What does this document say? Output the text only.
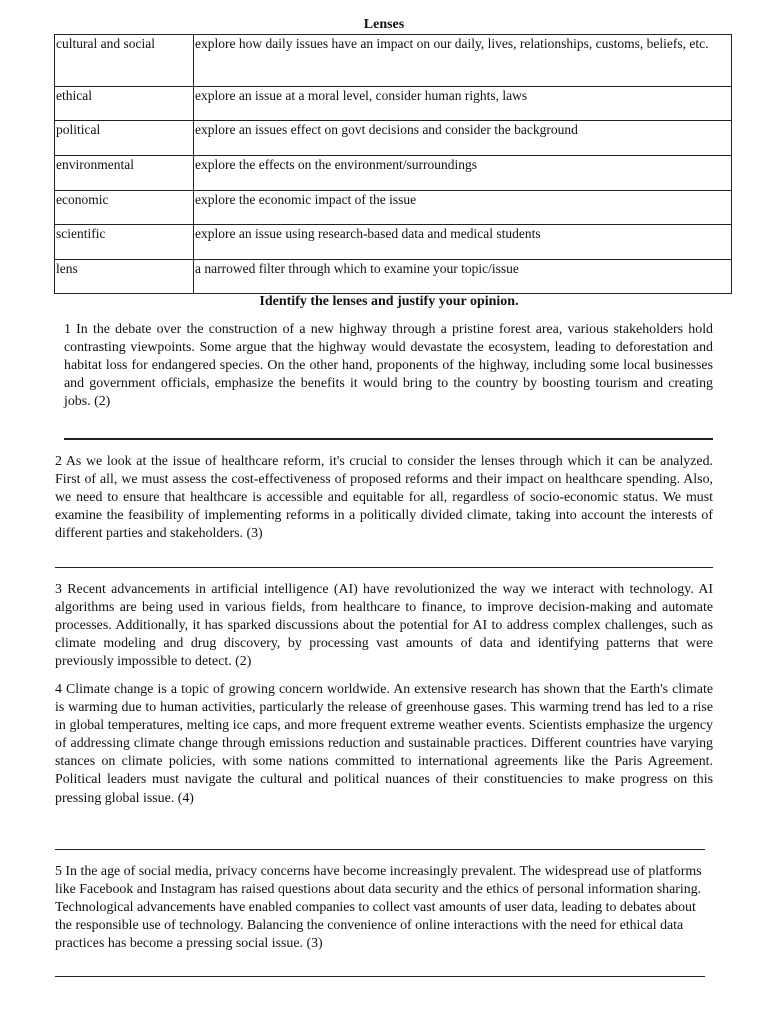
Lenses
cultural and social	explore how daily issues have an impact on our daily, lives, relationships, customs, beliefs, etc.
ethical	explore an issue at a moral level, consider human rights, laws
political	explore an issues effect on govt decisions and consider the background
environmental	explore the effects on the environment/surroundings
economic	explore the economic impact of the issue
scientific	explore an issue using research-based data and medical students
lens	a narrowed filter through which to examine your topic/issue
Identify the lenses and justify your opinion.

1 In the debate over the construction of a new highway through a pristine forest area, various stakeholders hold contrasting viewpoints. Some argue that the highway would devastate the ecosystem, leading to deforestation and habitat loss for endangered species. On the other hand, proponents of the highway, including some local businesses and government officials, emphasize the benefits it would bring to the country by boosting tourism and creating jobs. (2)

2 As we look at the issue of healthcare reform, it's crucial to consider the lenses through which it can be analyzed. First of all, we must assess the cost-effectiveness of proposed reforms and their impact on healthcare spending. Also, we need to ensure that healthcare is accessible and equitable for all, regardless of socio-economic status. We must examine the feasibility of implementing reforms in a politically divided climate, taking into account the interests of different parties and stakeholders. (3)

3 Recent advancements in artificial intelligence (AI) have revolutionized the way we interact with technology. AI algorithms are being used in various fields, from healthcare to finance, to improve decision-making and automate processes. Additionally, it has sparked discussions about the potential for AI to address complex challenges, such as climate modeling and drug discovery, by processing vast amounts of data and identifying patterns that were previously impossible to detect. (2)

4 Climate change is a topic of growing concern worldwide. An extensive research has shown that the Earth's climate is warming due to human activities, particularly the release of greenhouse gases. This warming trend has led to a rise in global temperatures, melting ice caps, and more frequent extreme weather events. Scientists emphasize the urgency of addressing climate change through emissions reduction and sustainable practices. Different countries have varying stances on climate policies, with some nations committed to international agreements like the Paris Agreement. Political leaders must navigate the cultural and political nuances of their constituencies to make progress on this pressing global issue. (4)

5 In the age of social media, privacy concerns have become increasingly prevalent. The widespread use of platforms like Facebook and Instagram has raised questions about data security and the ethics of personal information sharing. Technological advancements have enabled companies to collect vast amounts of user data, leading to debates about the responsible use of technology. Balancing the convenience of online interactions with the need for ethical data practices has become a pressing social issue. (3)
